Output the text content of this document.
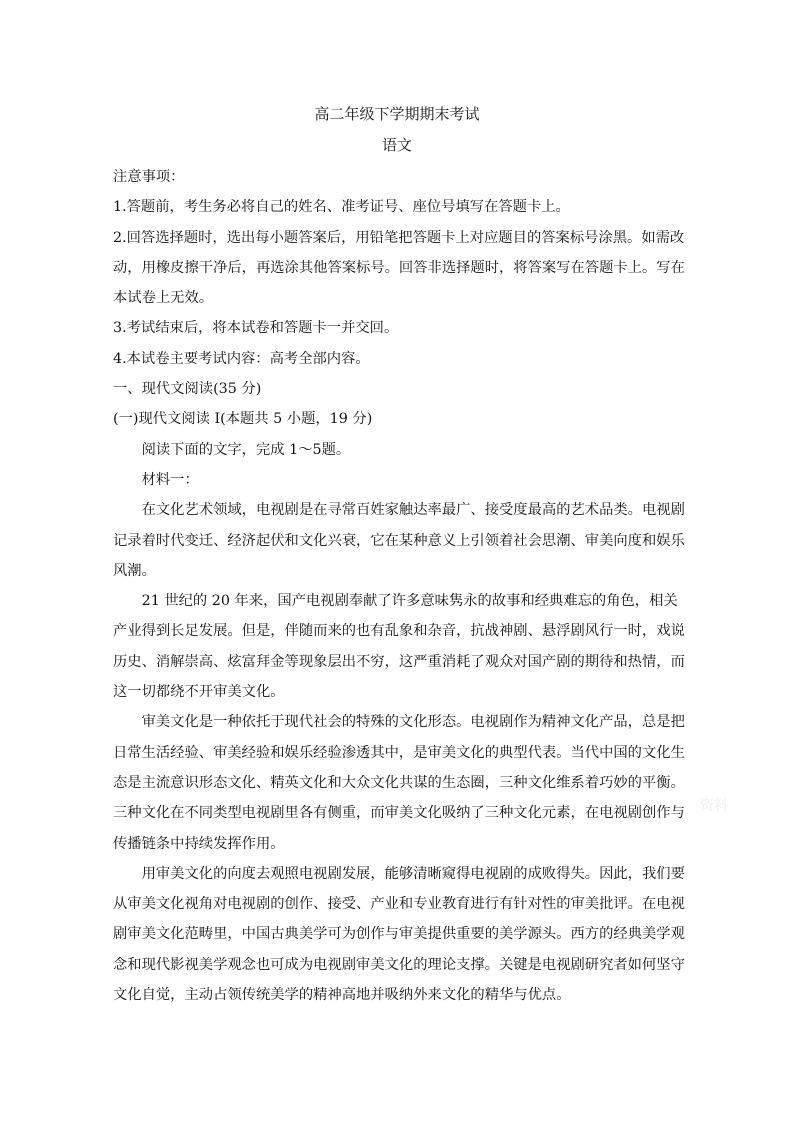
高二年级下学期期末考试
语文

注意事项：

1.答题前，考生务必将自己的姓名、准考证号、座位号填写在答题卡上。

2.回答选择题时，选出每小题答案后，用铅笔把答题卡上对应题目的答案标号涂黑。如需改动，用橡皮擦干净后，再选涂其他答案标号。回答非选择题时，将答案写在答题卡上。写在本试卷上无效。

3.考试结束后，将本试卷和答题卡一并交回。

4.本试卷主要考试内容：高考全部内容。

一、现代文阅读(35 分)

(一)现代文阅读 I(本题共 5 小题，19 分)

阅读下面的文字，完成 1～5题。

材料一：

在文化艺术领域，电视剧是在寻常百姓家触达率最广、接受度最高的艺术品类。电视剧记录着时代变迁、经济起伏和文化兴衰，它在某种意义上引领着社会思潮、审美向度和娱乐风潮。

21 世纪的 20 年来，国产电视剧奉献了许多意味隽永的故事和经典难忘的角色，相关产业得到长足发展。但是，伴随而来的也有乱象和杂音，抗战神剧、悬浮剧风行一时，戏说历史、消解崇高、炫富拜金等现象层出不穷，这严重消耗了观众对国产剧的期待和热情，而这一切都绕不开审美文化。

审美文化是一种依托于现代社会的特殊的文化形态。电视剧作为精神文化产品，总是把日常生活经验、审美经验和娱乐经验渗透其中，是审美文化的典型代表。当代中国的文化生态是主流意识形态文化、精英文化和大众文化共谋的生态圈，三种文化维系着巧妙的平衡。三种文化在不同类型电视剧里各有侧重，而审美文化吸纳了三种文化元素，在电视剧创作与传播链条中持续发挥作用。

用审美文化的向度去观照电视剧发展，能够清晰窥得电视剧的成败得失。因此，我们要从审美文化视角对电视剧的创作、接受、产业和专业教育进行有针对性的审美批评。在电视剧审美文化范畴里，中国古典美学可为创作与审美提供重要的美学源头。西方的经典美学观念和现代影视美学观念也可成为电视剧审美文化的理论支撑。关键是电视剧研究者如何坚守文化自觉，主动占领传统美学的精神高地并吸纳外来文化的精华与优点。

资料
